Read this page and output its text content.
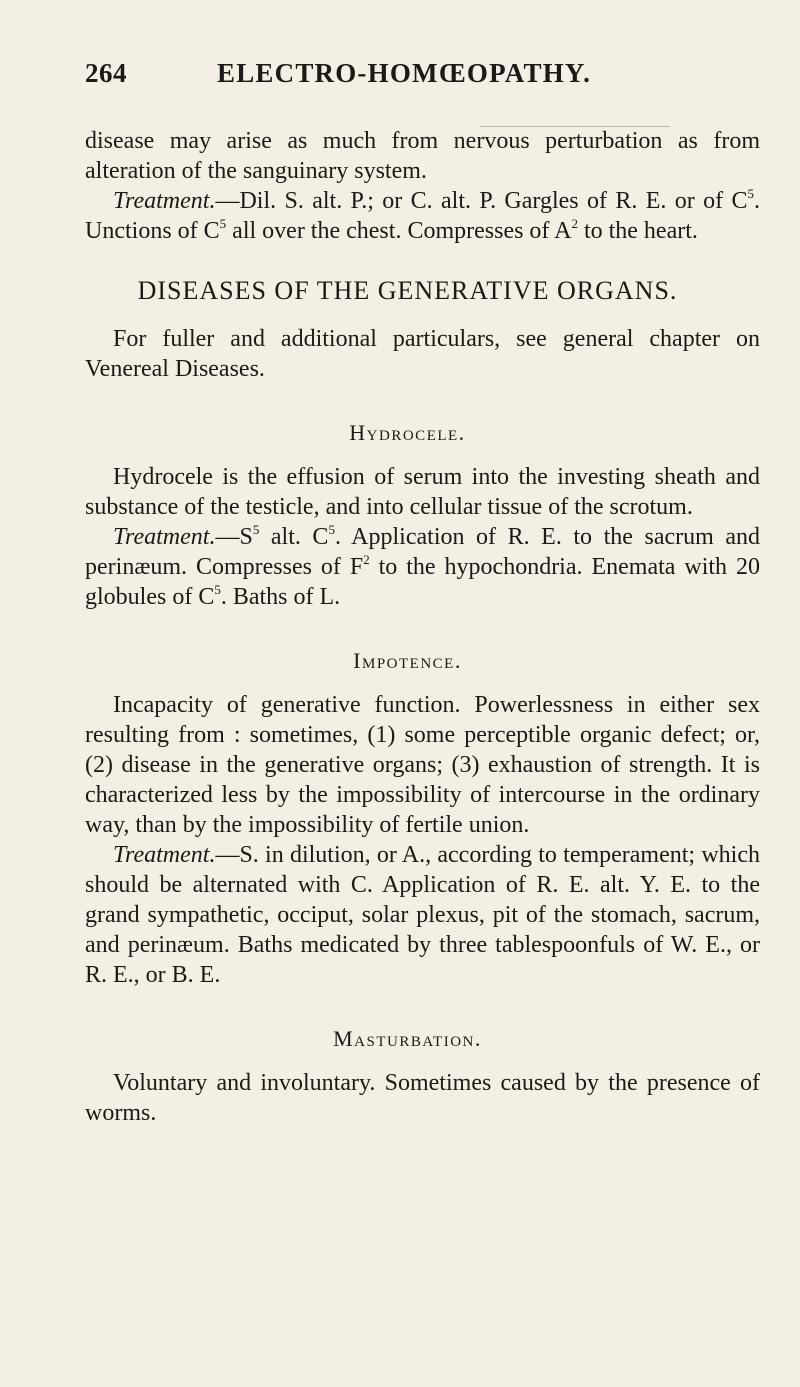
264	ELECTRO-HOMŒOPATHY.

disease may arise as much from nervous perturbation as from alteration of the sanguinary system.

Treatment.—Dil. S. alt. P.; or C. alt. P. Gargles of R. E. or of $C^5$. Unctions of $C^5$ all over the chest. Compresses of $A^2$ to the heart.

DISEASES OF THE GENERATIVE ORGANS.

For fuller and additional particulars, see general chapter on Venereal Diseases.

Hydrocele.

Hydrocele is the effusion of serum into the investing sheath and substance of the testicle, and into cellular tissue of the scrotum.

$Treatment.—S^5$ alt. $C^5$. Application of R. E. to the sacrum and perinæum. Compresses of $F^2$ to the hypochondria. Enemata with 20 globules of $C^5$. Baths of L.

Impotence.

Incapacity of generative function. Powerlessness in either sex resulting from : sometimes, (1) some perceptible organic defect; or, (2) disease in the generative organs; (3) exhaustion of strength. It is characterized less by the impossibility of intercourse in the ordinary way, than by the impossibility of fertile union.

Treatment.—S. in dilution, or A., according to temperament; which should be alternated with C. Application of R. E. alt. Y. E. to the grand sympathetic, occiput, solar plexus, pit of the stomach, sacrum, and perinæum. Baths medicated by three tablespoonfuls of W. E., or R. E., or B. E.

Masturbation.

Voluntary and involuntary. Sometimes caused by the presence of worms.
